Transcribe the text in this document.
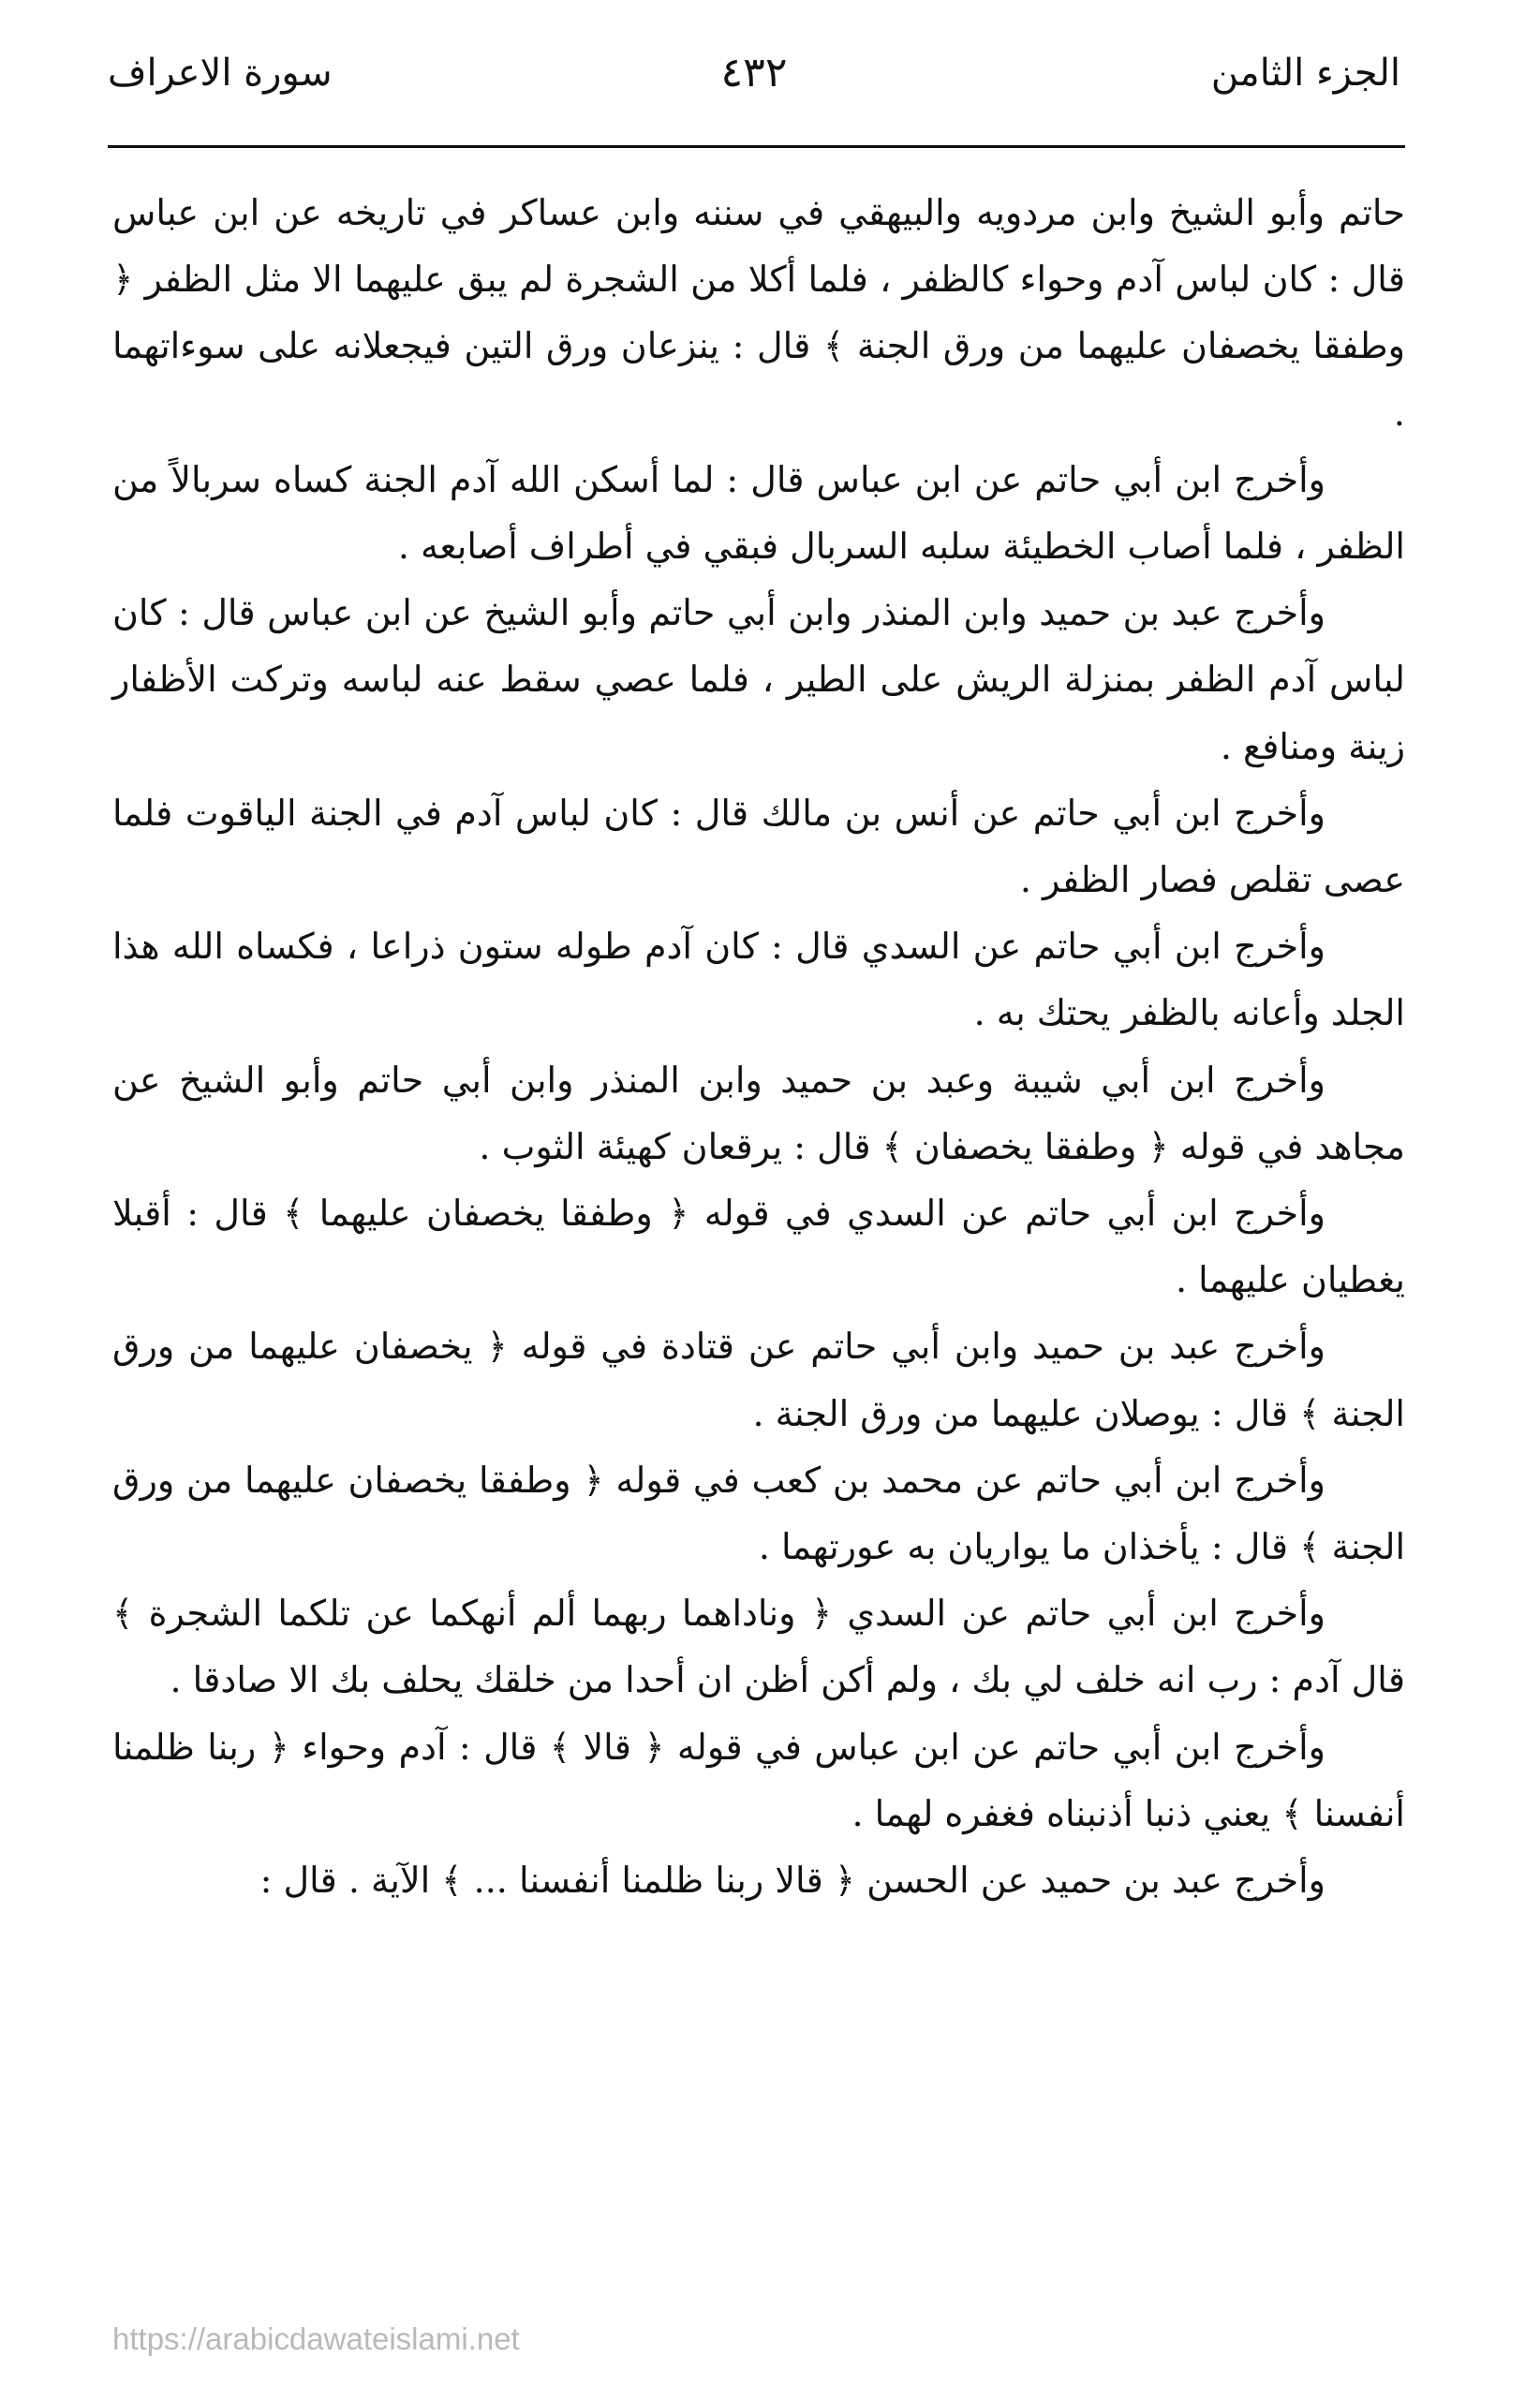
الجزء الثامن
٤٣٢
سورة الاعراف

حاتم وأبو الشيخ وابن مردويه والبيهقي في سننه وابن عساكر في تاريخه عن ابن عباس قال : كان لباس آدم وحواء كالظفر ، فلما أكلا من الشجرة لم يبق عليهما الا مثل الظفر ﴿ وطفقا يخصفان عليهما من ورق الجنة ﴾ قال : ينزعان ورق التين فيجعلانه على سوءاتهما .

وأخرج ابن أبي حاتم عن ابن عباس قال : لما أسكن الله آدم الجنة كساه سربالاً من الظفر ، فلما أصاب الخطيئة سلبه السربال فبقي في أطراف أصابعه .

وأخرج عبد بن حميد وابن المنذر وابن أبي حاتم وأبو الشيخ عن ابن عباس قال : كان لباس آدم الظفر بمنزلة الريش على الطير ، فلما عصي سقط عنه لباسه وتركت الأظفار زينة ومنافع .

وأخرج ابن أبي حاتم عن أنس بن مالك قال : كان لباس آدم في الجنة الياقوت فلما عصى تقلص فصار الظفر .

وأخرج ابن أبي حاتم عن السدي قال : كان آدم طوله ستون ذراعا ، فكساه الله هذا الجلد وأعانه بالظفر يحتك به .

وأخرج ابن أبي شيبة وعبد بن حميد وابن المنذر وابن أبي حاتم وأبو الشيخ عن مجاهد في قوله ﴿ وطفقا يخصفان ﴾ قال : يرقعان كهيئة الثوب .

وأخرج ابن أبي حاتم عن السدي في قوله ﴿ وطفقا يخصفان عليهما ﴾ قال : أقبلا يغطيان عليهما .

وأخرج عبد بن حميد وابن أبي حاتم عن قتادة في قوله ﴿ يخصفان عليهما من ورق الجنة ﴾ قال : يوصلان عليهما من ورق الجنة .

وأخرج ابن أبي حاتم عن محمد بن كعب في قوله ﴿ وطفقا يخصفان عليهما من ورق الجنة ﴾ قال : يأخذان ما يواريان به عورتهما .

وأخرج ابن أبي حاتم عن السدي ﴿ وناداهما ربهما ألم أنهكما عن تلكما الشجرة ﴾ قال آدم : رب انه خلف لي بك ، ولم أكن أظن ان أحدا من خلقك يحلف بك الا صادقا .

وأخرج ابن أبي حاتم عن ابن عباس في قوله ﴿ قالا ﴾ قال : آدم وحواء ﴿ ربنا ظلمنا أنفسنا ﴾ يعني ذنبا أذنبناه فغفره لهما .

وأخرج عبد بن حميد عن الحسن ﴿ قالا ربنا ظلمنا أنفسنا ... ﴾ الآية . قال :

https://arabicdawateislami.net
